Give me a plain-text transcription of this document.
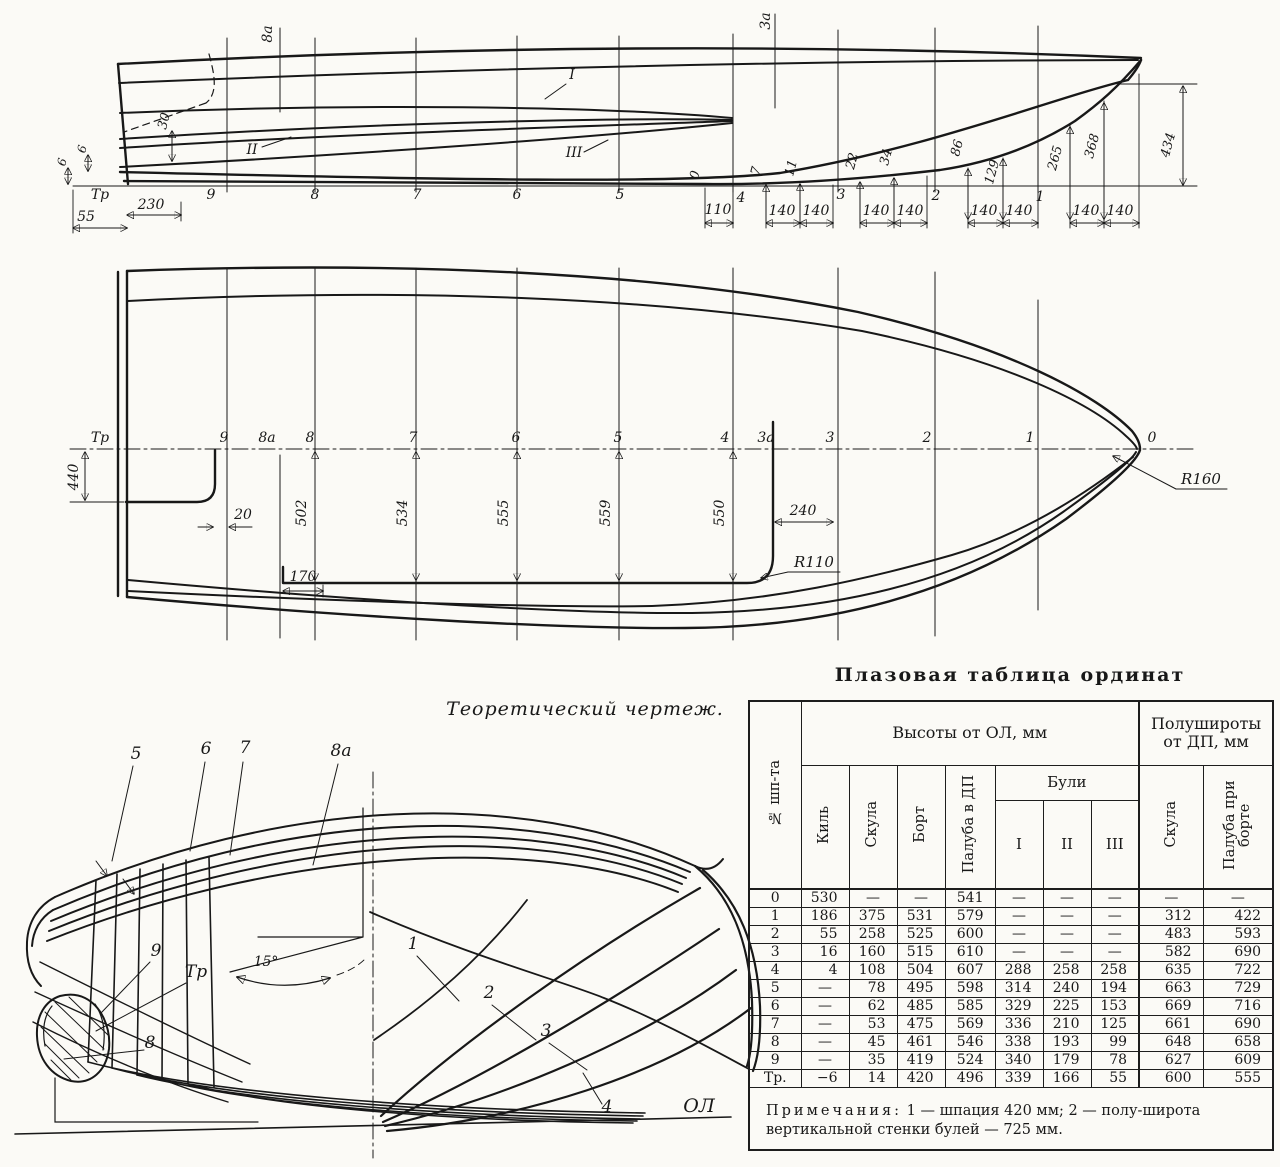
Тр	9	8	7	6	5	4	3	2	1
8а
3а
I
II	III
30
6
6
55
230	110	140 140 140 140	140 140	140 140
0	7 11	22 34	86
129
265 368	434
Тр	9 8а 8	7	6	5	4 3а	3	2	1	0
440
20
170
502	534	555	559	550	240
R110
R160
5	6 7	8а
9
Тр
8
15°
1
2
3
4	ОЛ
Теоретический чертеж.
Плазовая таблица ординат
№ шп-та	Высоты от ОЛ, мм							Полушироты от ДП, мм	
	Киль	Скула	Борт	Палуба в ДП	Були			Скула	Палуба при борте
					I	II	III		
0	530	—	—	541	—	—	—	—	—
1	186	375	531	579	—	—	—	312	422
2	55	258	525	600	—	—	—	483	593
3	16	160	515	610	—	—	—	582	690
4	4	108	504	607	288	258	258	635	722
5	—	78	495	598	314	240	194	663	729
6	—	62	485	585	329	225	153	669	716
7	—	53	475	569	336	210	125	661	690
8	—	45	461	546	338	193	99	648	658
9	—	35	419	524	340	179	78	627	609
Тр.	−6	14	420	496	339	166	55	600	555
Примечания: 1 — шпация 420 мм; 2 — полу-широта вертикальной стенки булей — 725 мм.									
